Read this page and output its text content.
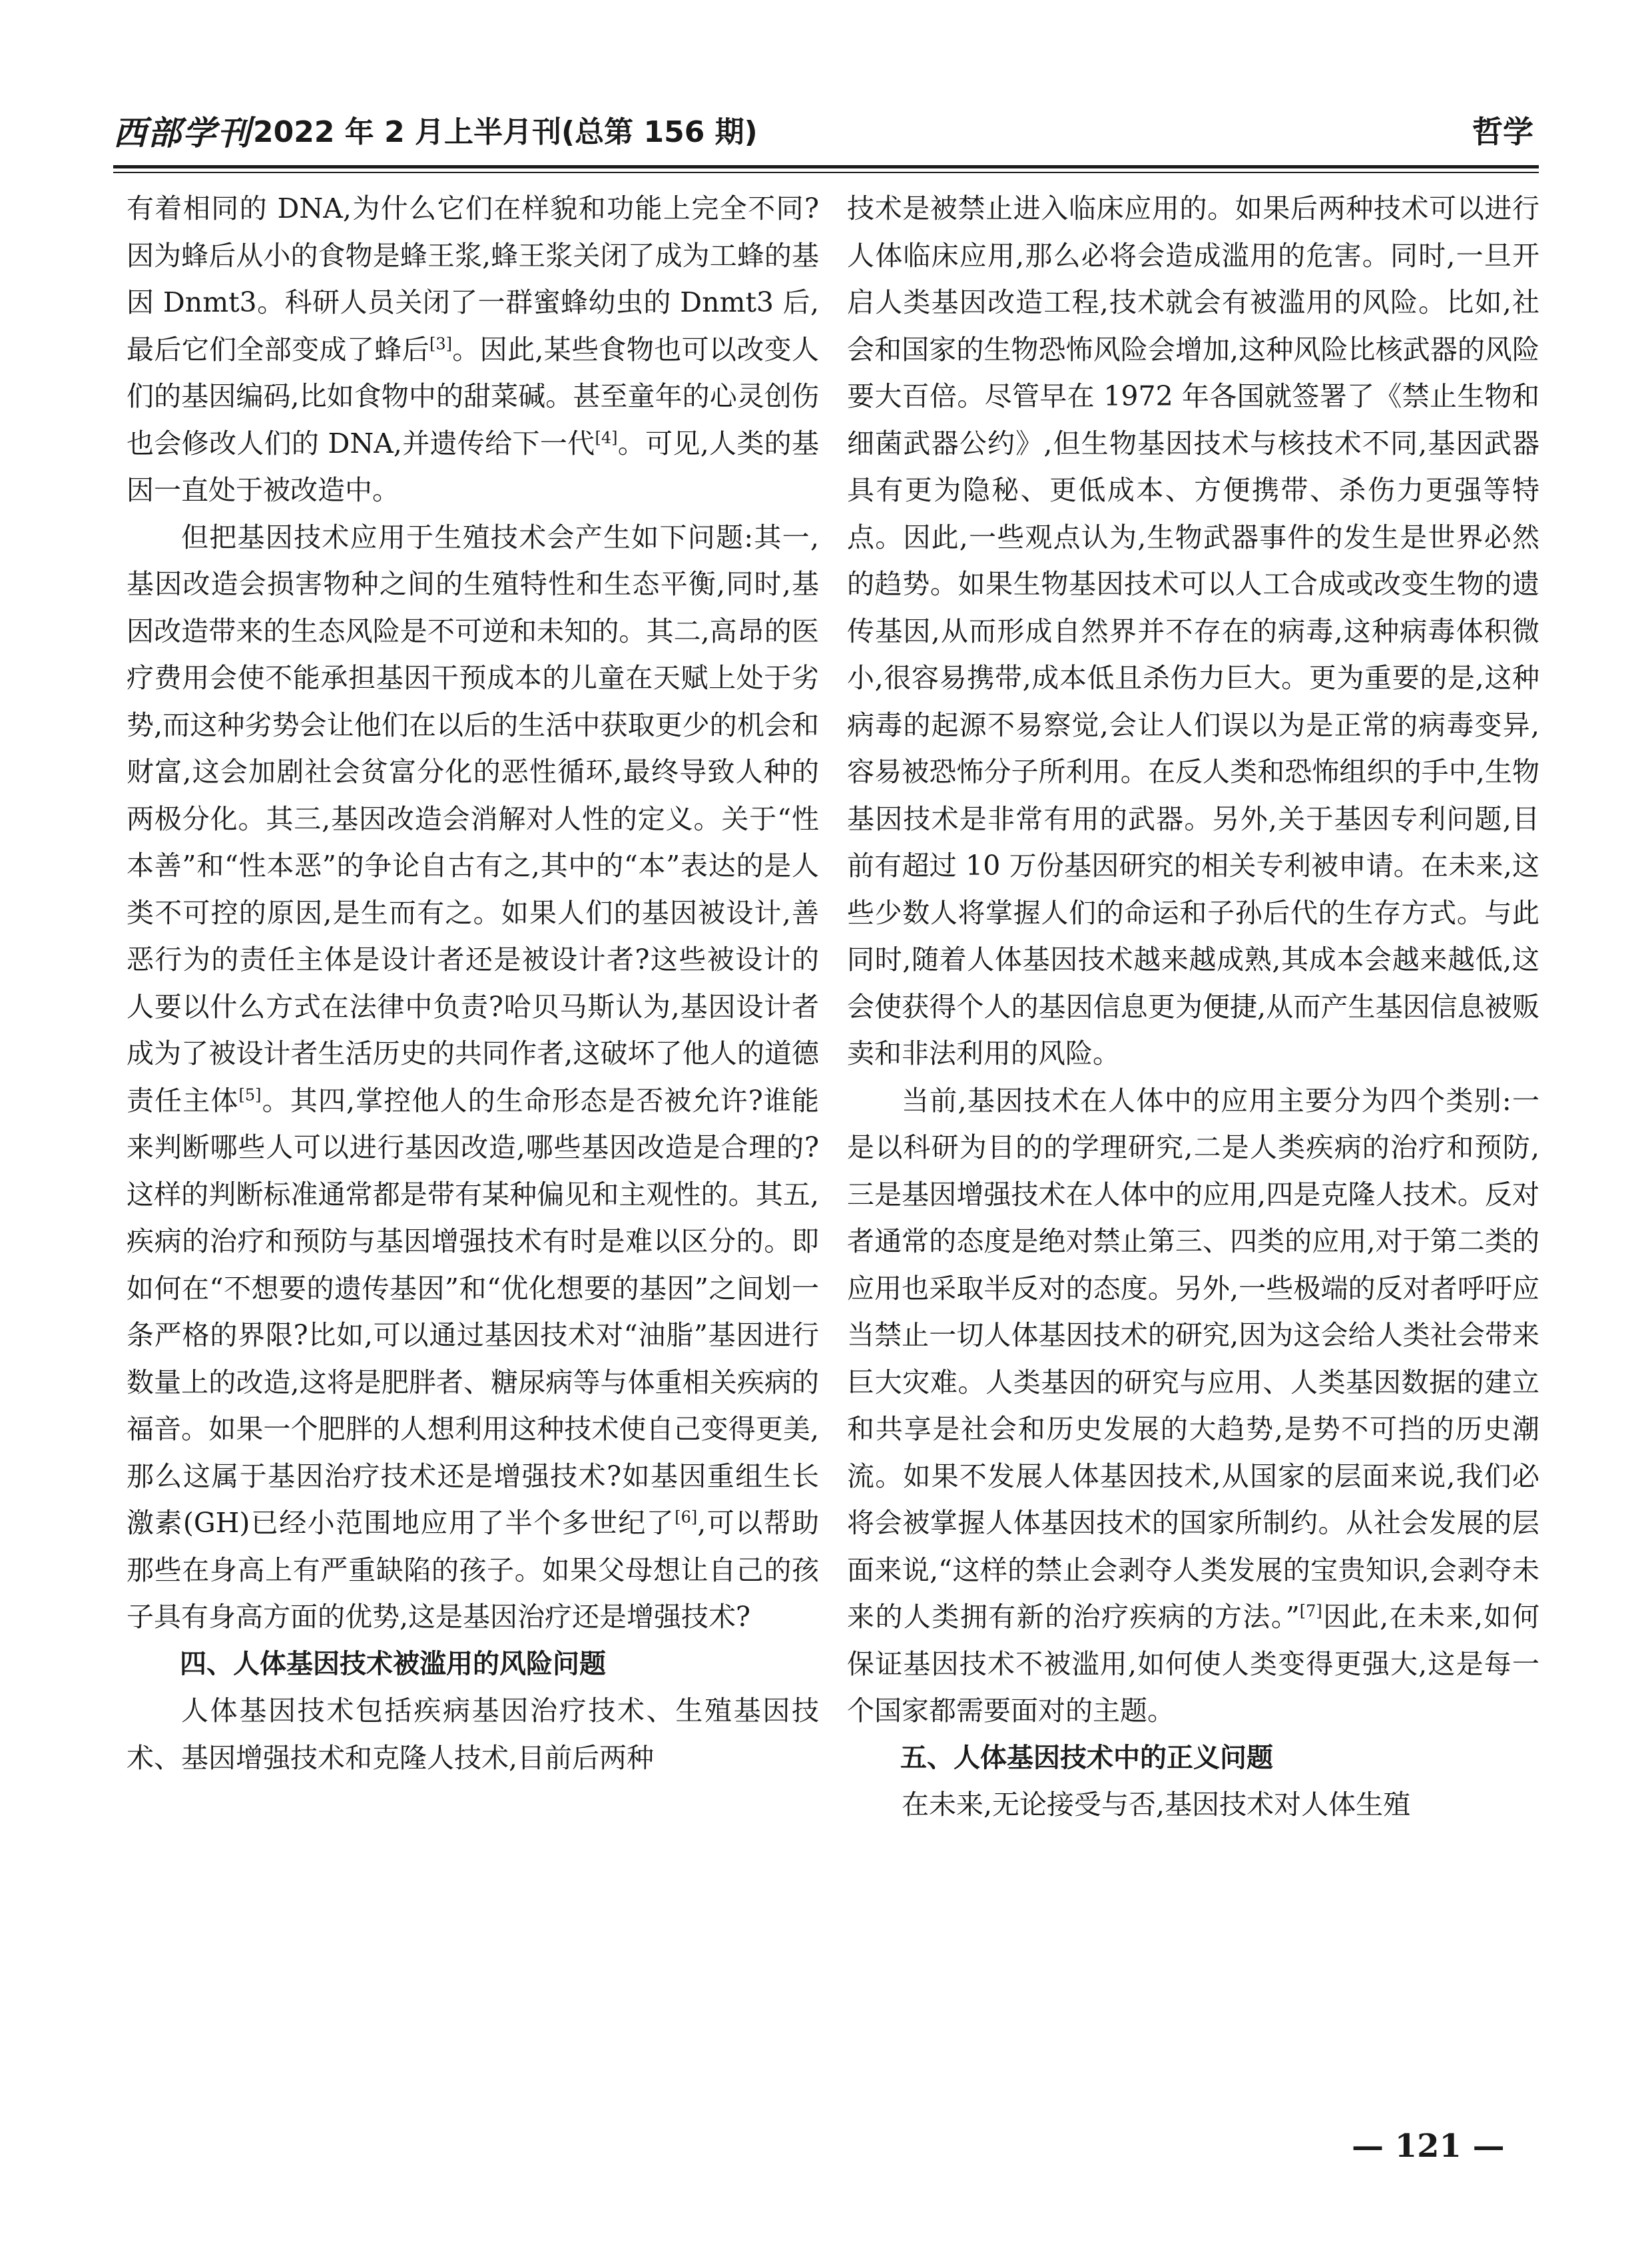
西部学刊 2022 年 2 月上半月刊(总第 156 期)	哲学

有着相同的 DNA,为什么它们在样貌和功能上完全不同?因为蜂后从小的食物是蜂王浆,蜂王浆关闭了成为工蜂的基因 Dnmt3。科研人员关闭了一群蜜蜂幼虫的 Dnmt3 后,最后它们全部变成了蜂后[3]。因此,某些食物也可以改变人们的基因编码,比如食物中的甜菜碱。甚至童年的心灵创伤也会修改人们的 DNA,并遗传给下一代[4]。可见,人类的基因一直处于被改造中。

但把基因技术应用于生殖技术会产生如下问题:其一,基因改造会损害物种之间的生殖特性和生态平衡,同时,基因改造带来的生态风险是不可逆和未知的。其二,高昂的医疗费用会使不能承担基因干预成本的儿童在天赋上处于劣势,而这种劣势会让他们在以后的生活中获取更少的机会和财富,这会加剧社会贫富分化的恶性循环,最终导致人种的两极分化。其三,基因改造会消解对人性的定义。关于“性本善”和“性本恶”的争论自古有之,其中的“本”表达的是人类不可控的原因,是生而有之。如果人们的基因被设计,善恶行为的责任主体是设计者还是被设计者?这些被设计的人要以什么方式在法律中负责?哈贝马斯认为,基因设计者成为了被设计者生活历史的共同作者,这破坏了他人的道德责任主体[5]。其四,掌控他人的生命形态是否被允许?谁能来判断哪些人可以进行基因改造,哪些基因改造是合理的?这样的判断标准通常都是带有某种偏见和主观性的。其五,疾病的治疗和预防与基因增强技术有时是难以区分的。即如何在“不想要的遗传基因”和“优化想要的基因”之间划一条严格的界限?比如,可以通过基因技术对“油脂”基因进行数量上的改造,这将是肥胖者、糖尿病等与体重相关疾病的福音。如果一个肥胖的人想利用这种技术使自己变得更美,那么这属于基因治疗技术还是增强技术?如基因重组生长激素(GH)已经小范围地应用了半个多世纪了[6],可以帮助那些在身高上有严重缺陷的孩子。如果父母想让自己的孩子具有身高方面的优势,这是基因治疗还是增强技术?

四、人体基因技术被滥用的风险问题

人体基因技术包括疾病基因治疗技术、生殖基因技术、基因增强技术和克隆人技术,目前后两种

技术是被禁止进入临床应用的。如果后两种技术可以进行人体临床应用,那么必将会造成滥用的危害。同时,一旦开启人类基因改造工程,技术就会有被滥用的风险。比如,社会和国家的生物恐怖风险会增加,这种风险比核武器的风险要大百倍。尽管早在 1972 年各国就签署了《禁止生物和细菌武器公约》,但生物基因技术与核技术不同,基因武器具有更为隐秘、更低成本、方便携带、杀伤力更强等特点。因此,一些观点认为,生物武器事件的发生是世界必然的趋势。如果生物基因技术可以人工合成或改变生物的遗传基因,从而形成自然界并不存在的病毒,这种病毒体积微小,很容易携带,成本低且杀伤力巨大。更为重要的是,这种病毒的起源不易察觉,会让人们误以为是正常的病毒变异,容易被恐怖分子所利用。在反人类和恐怖组织的手中,生物基因技术是非常有用的武器。另外,关于基因专利问题,目前有超过 10 万份基因研究的相关专利被申请。在未来,这些少数人将掌握人们的命运和子孙后代的生存方式。与此同时,随着人体基因技术越来越成熟,其成本会越来越低,这会使获得个人的基因信息更为便捷,从而产生基因信息被贩卖和非法利用的风险。

当前,基因技术在人体中的应用主要分为四个类别:一是以科研为目的的学理研究,二是人类疾病的治疗和预防,三是基因增强技术在人体中的应用,四是克隆人技术。反对者通常的态度是绝对禁止第三、四类的应用,对于第二类的应用也采取半反对的态度。另外,一些极端的反对者呼吁应当禁止一切人体基因技术的研究,因为这会给人类社会带来巨大灾难。人类基因的研究与应用、人类基因数据的建立和共享是社会和历史发展的大趋势,是势不可挡的历史潮流。如果不发展人体基因技术,从国家的层面来说,我们必将会被掌握人体基因技术的国家所制约。从社会发展的层面来说,“这样的禁止会剥夺人类发展的宝贵知识,会剥夺未来的人类拥有新的治疗疾病的方法。”[7]因此,在未来,如何保证基因技术不被滥用,如何使人类变得更强大,这是每一个国家都需要面对的主题。

五、人体基因技术中的正义问题

在未来,无论接受与否,基因技术对人体生殖

— 121 —
